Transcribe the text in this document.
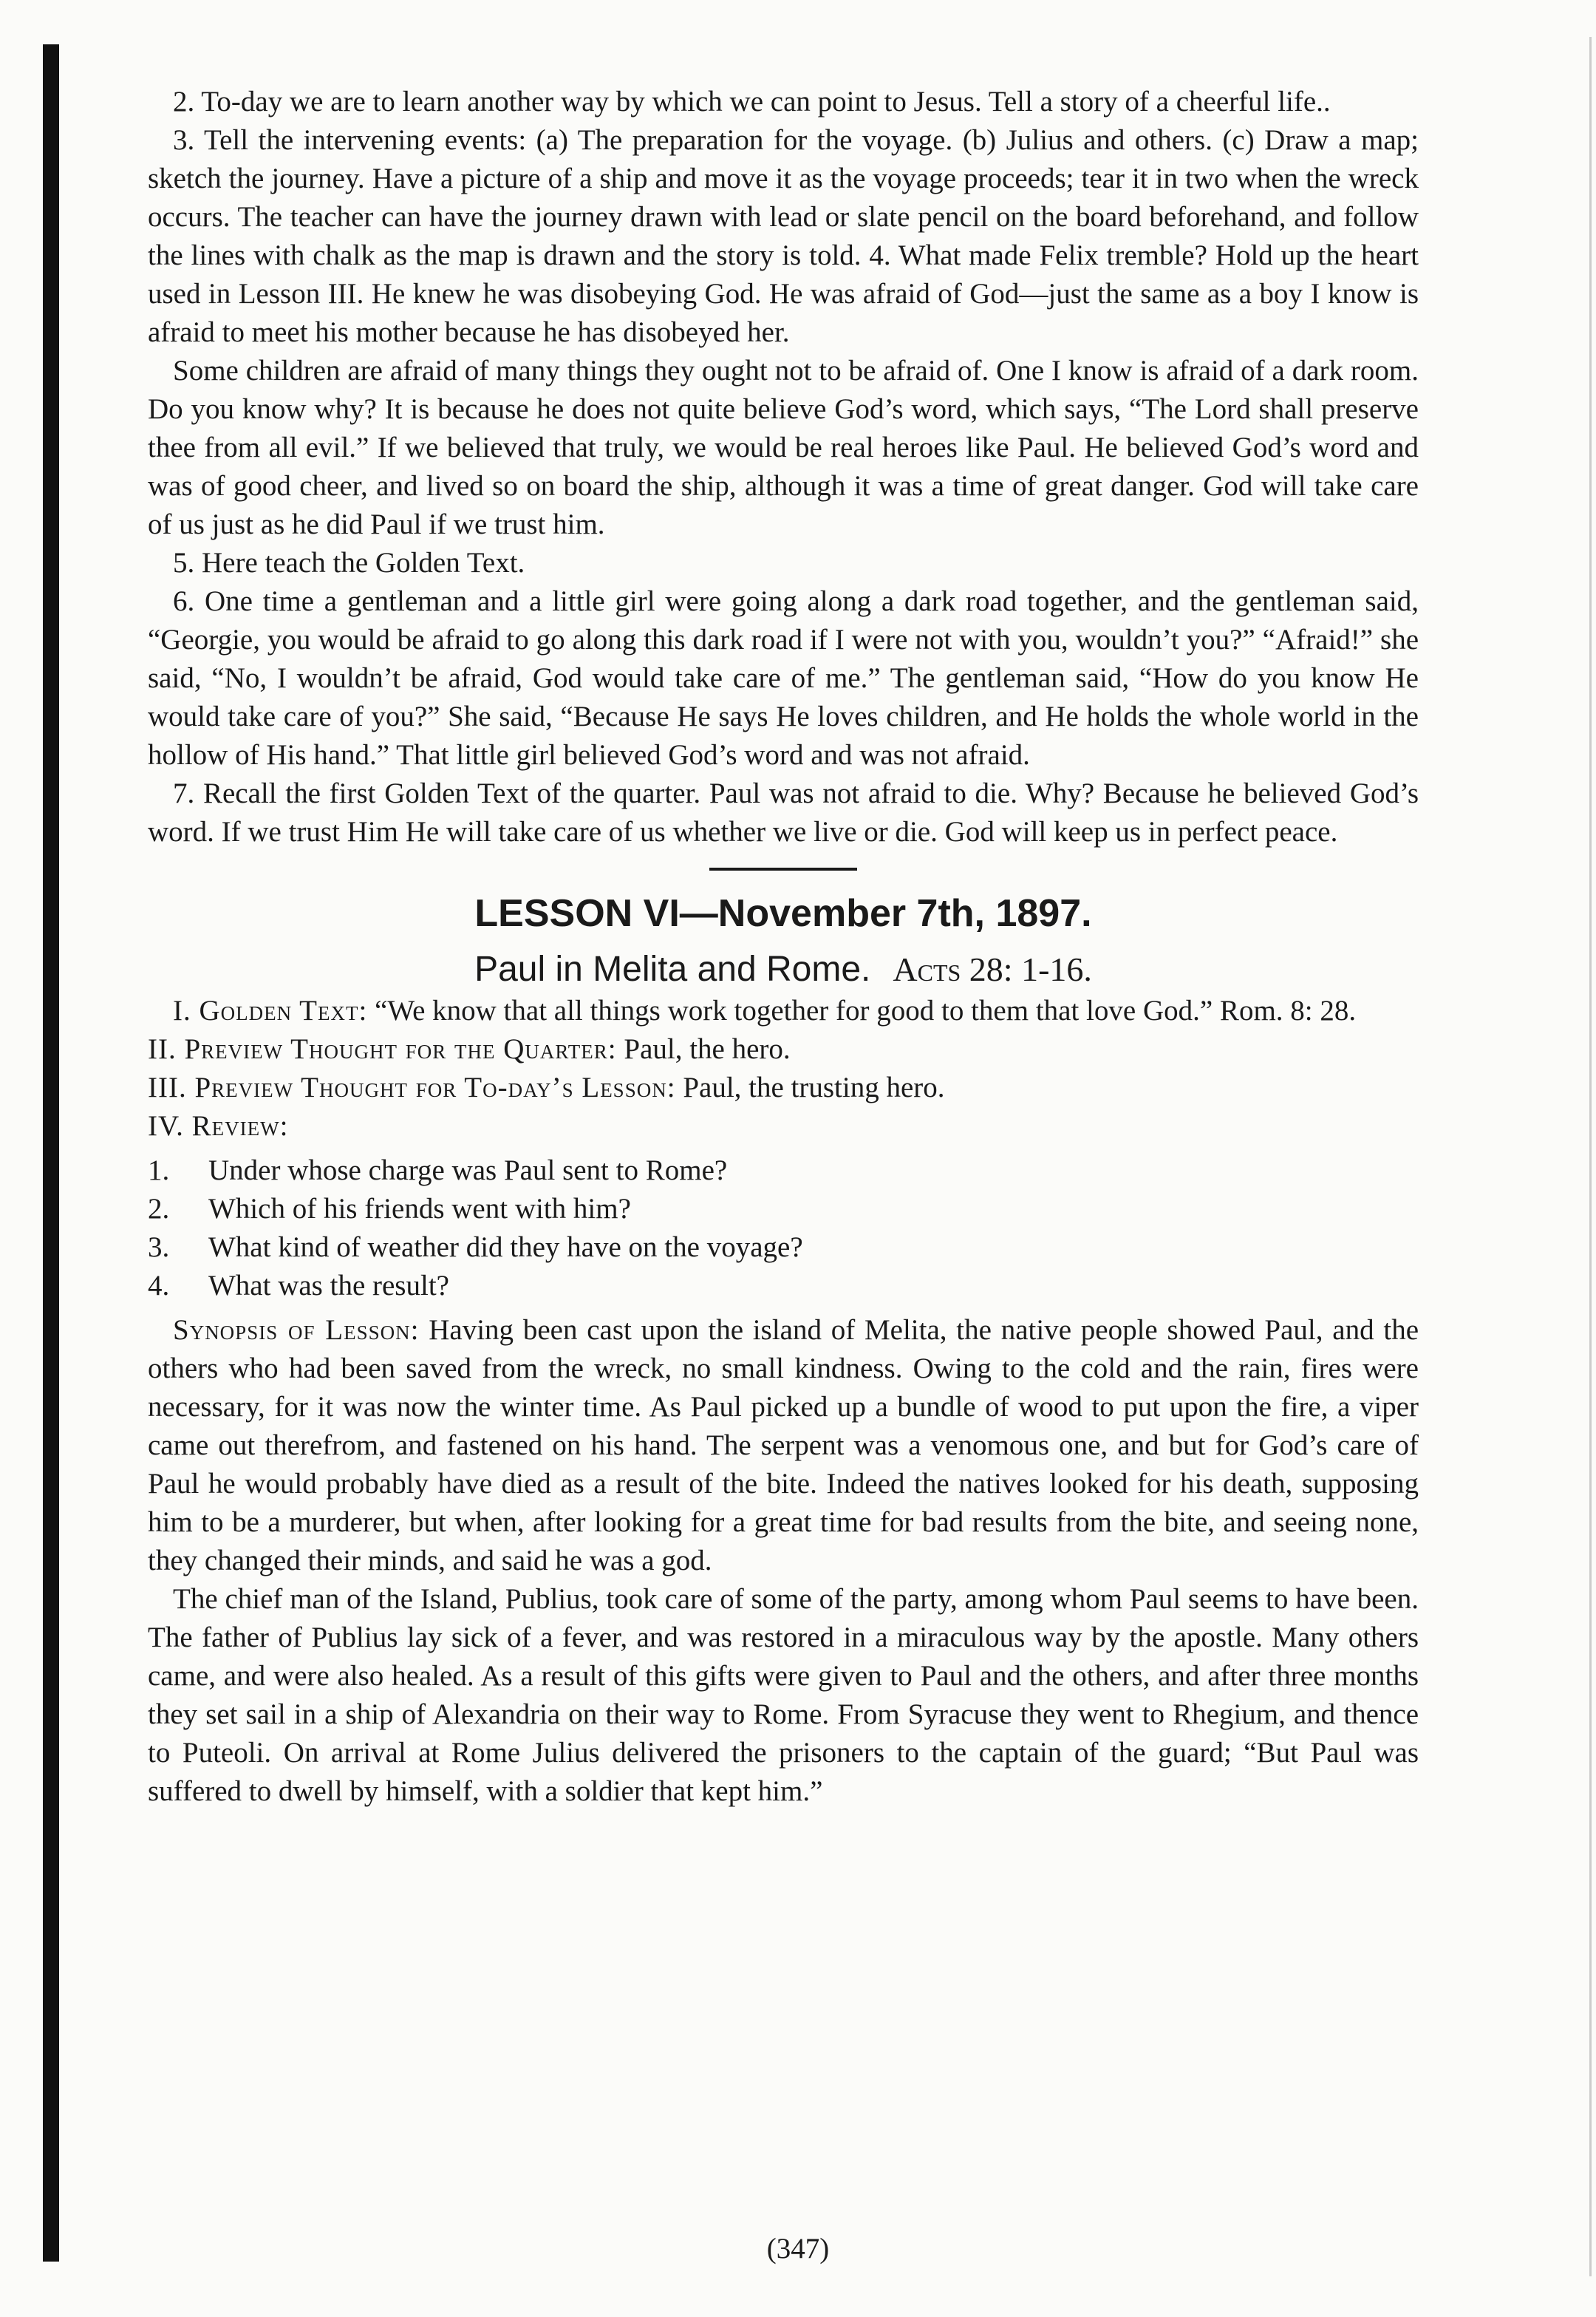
2. To-day we are to learn another way by which we can point to Jesus. Tell a story of a cheerful life..

3. Tell the intervening events: (a) The preparation for the voyage. (b) Julius and others. (c) Draw a map; sketch the journey. Have a picture of a ship and move it as the voyage proceeds; tear it in two when the wreck occurs. The teacher can have the journey drawn with lead or slate pencil on the board beforehand, and follow the lines with chalk as the map is drawn and the story is told. 4. What made Felix tremble? Hold up the heart used in Lesson III. He knew he was disobeying God. He was afraid of God—just the same as a boy I know is afraid to meet his mother because he has disobeyed her.

Some children are afraid of many things they ought not to be afraid of. One I know is afraid of a dark room. Do you know why? It is because he does not quite believe God’s word, which says, “The Lord shall preserve thee from all evil.” If we believed that truly, we would be real heroes like Paul. He believed God’s word and was of good cheer, and lived so on board the ship, although it was a time of great danger. God will take care of us just as he did Paul if we trust him.

5. Here teach the Golden Text.

6. One time a gentleman and a little girl were going along a dark road together, and the gentleman said, “Georgie, you would be afraid to go along this dark road if I were not with you, wouldn’t you?” “Afraid!” she said, “No, I wouldn’t be afraid, God would take care of me.” The gentleman said, “How do you know He would take care of you?” She said, “Because He says He loves children, and He holds the whole world in the hollow of His hand.” That little girl believed God’s word and was not afraid.

7. Recall the first Golden Text of the quarter. Paul was not afraid to die. Why? Because he believed God’s word. If we trust Him He will take care of us whether we live or die. God will keep us in perfect peace.

LESSON VI—November 7th, 1897.

Paul in Melita and Rome. Acts 28: 1-16.

I. Golden Text: “We know that all things work together for good to them that love God.” Rom. 8: 28.

II. Preview Thought for the Quarter: Paul, the hero.

III. Preview Thought for To-day’s Lesson: Paul, the trusting hero.

IV. Review:

1. Under whose charge was Paul sent to Rome?

2. Which of his friends went with him?

3. What kind of weather did they have on the voyage?

4. What was the result?

Synopsis of Lesson: Having been cast upon the island of Melita, the native people showed Paul, and the others who had been saved from the wreck, no small kindness. Owing to the cold and the rain, fires were necessary, for it was now the winter time. As Paul picked up a bundle of wood to put upon the fire, a viper came out therefrom, and fastened on his hand. The serpent was a venomous one, and but for God’s care of Paul he would probably have died as a result of the bite. Indeed the natives looked for his death, supposing him to be a murderer, but when, after looking for a great time for bad results from the bite, and seeing none, they changed their minds, and said he was a god.

The chief man of the Island, Publius, took care of some of the party, among whom Paul seems to have been. The father of Publius lay sick of a fever, and was restored in a miraculous way by the apostle. Many others came, and were also healed. As a result of this gifts were given to Paul and the others, and after three months they set sail in a ship of Alexandria on their way to Rome. From Syracuse they went to Rhegium, and thence to Puteoli. On arrival at Rome Julius delivered the prisoners to the captain of the guard; “But Paul was suffered to dwell by himself, with a soldier that kept him.”

(347)
